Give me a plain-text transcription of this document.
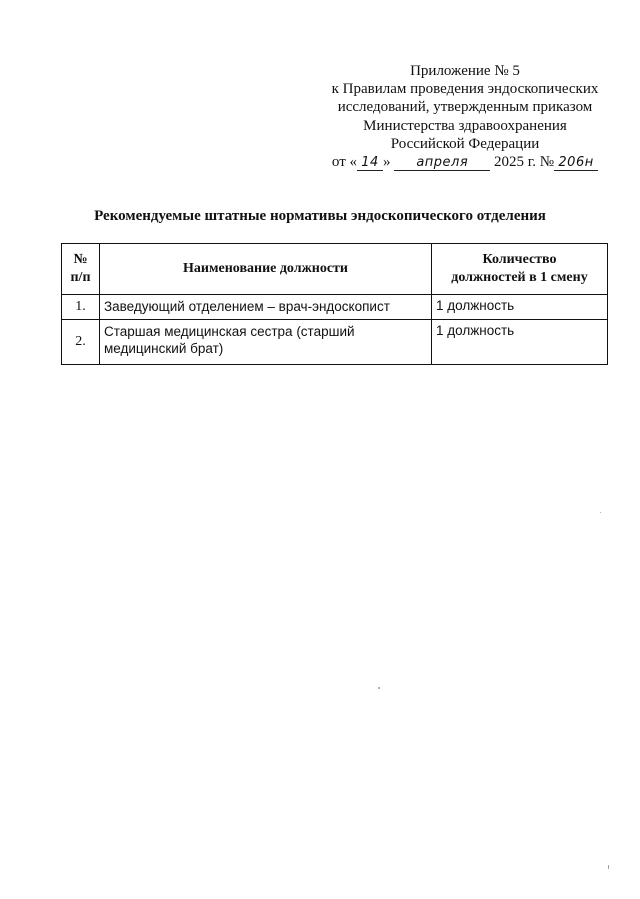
Приложение № 5
к Правилам проведения эндоскопических
исследований, утвержденным приказом
Министерства здравоохранения
Российской Федерации
от « 14 » апреля 2025 г. № 206н
Рекомендуемые штатные нормативы эндоскопического отделения
№
п/п	Наименование должности	Количество
должностей в 1 смену
1.	Заведующий отделением – врач-эндоскопист	1 должность
2.	Старшая медицинская сестра (старший медицинский брат)	1 должность
